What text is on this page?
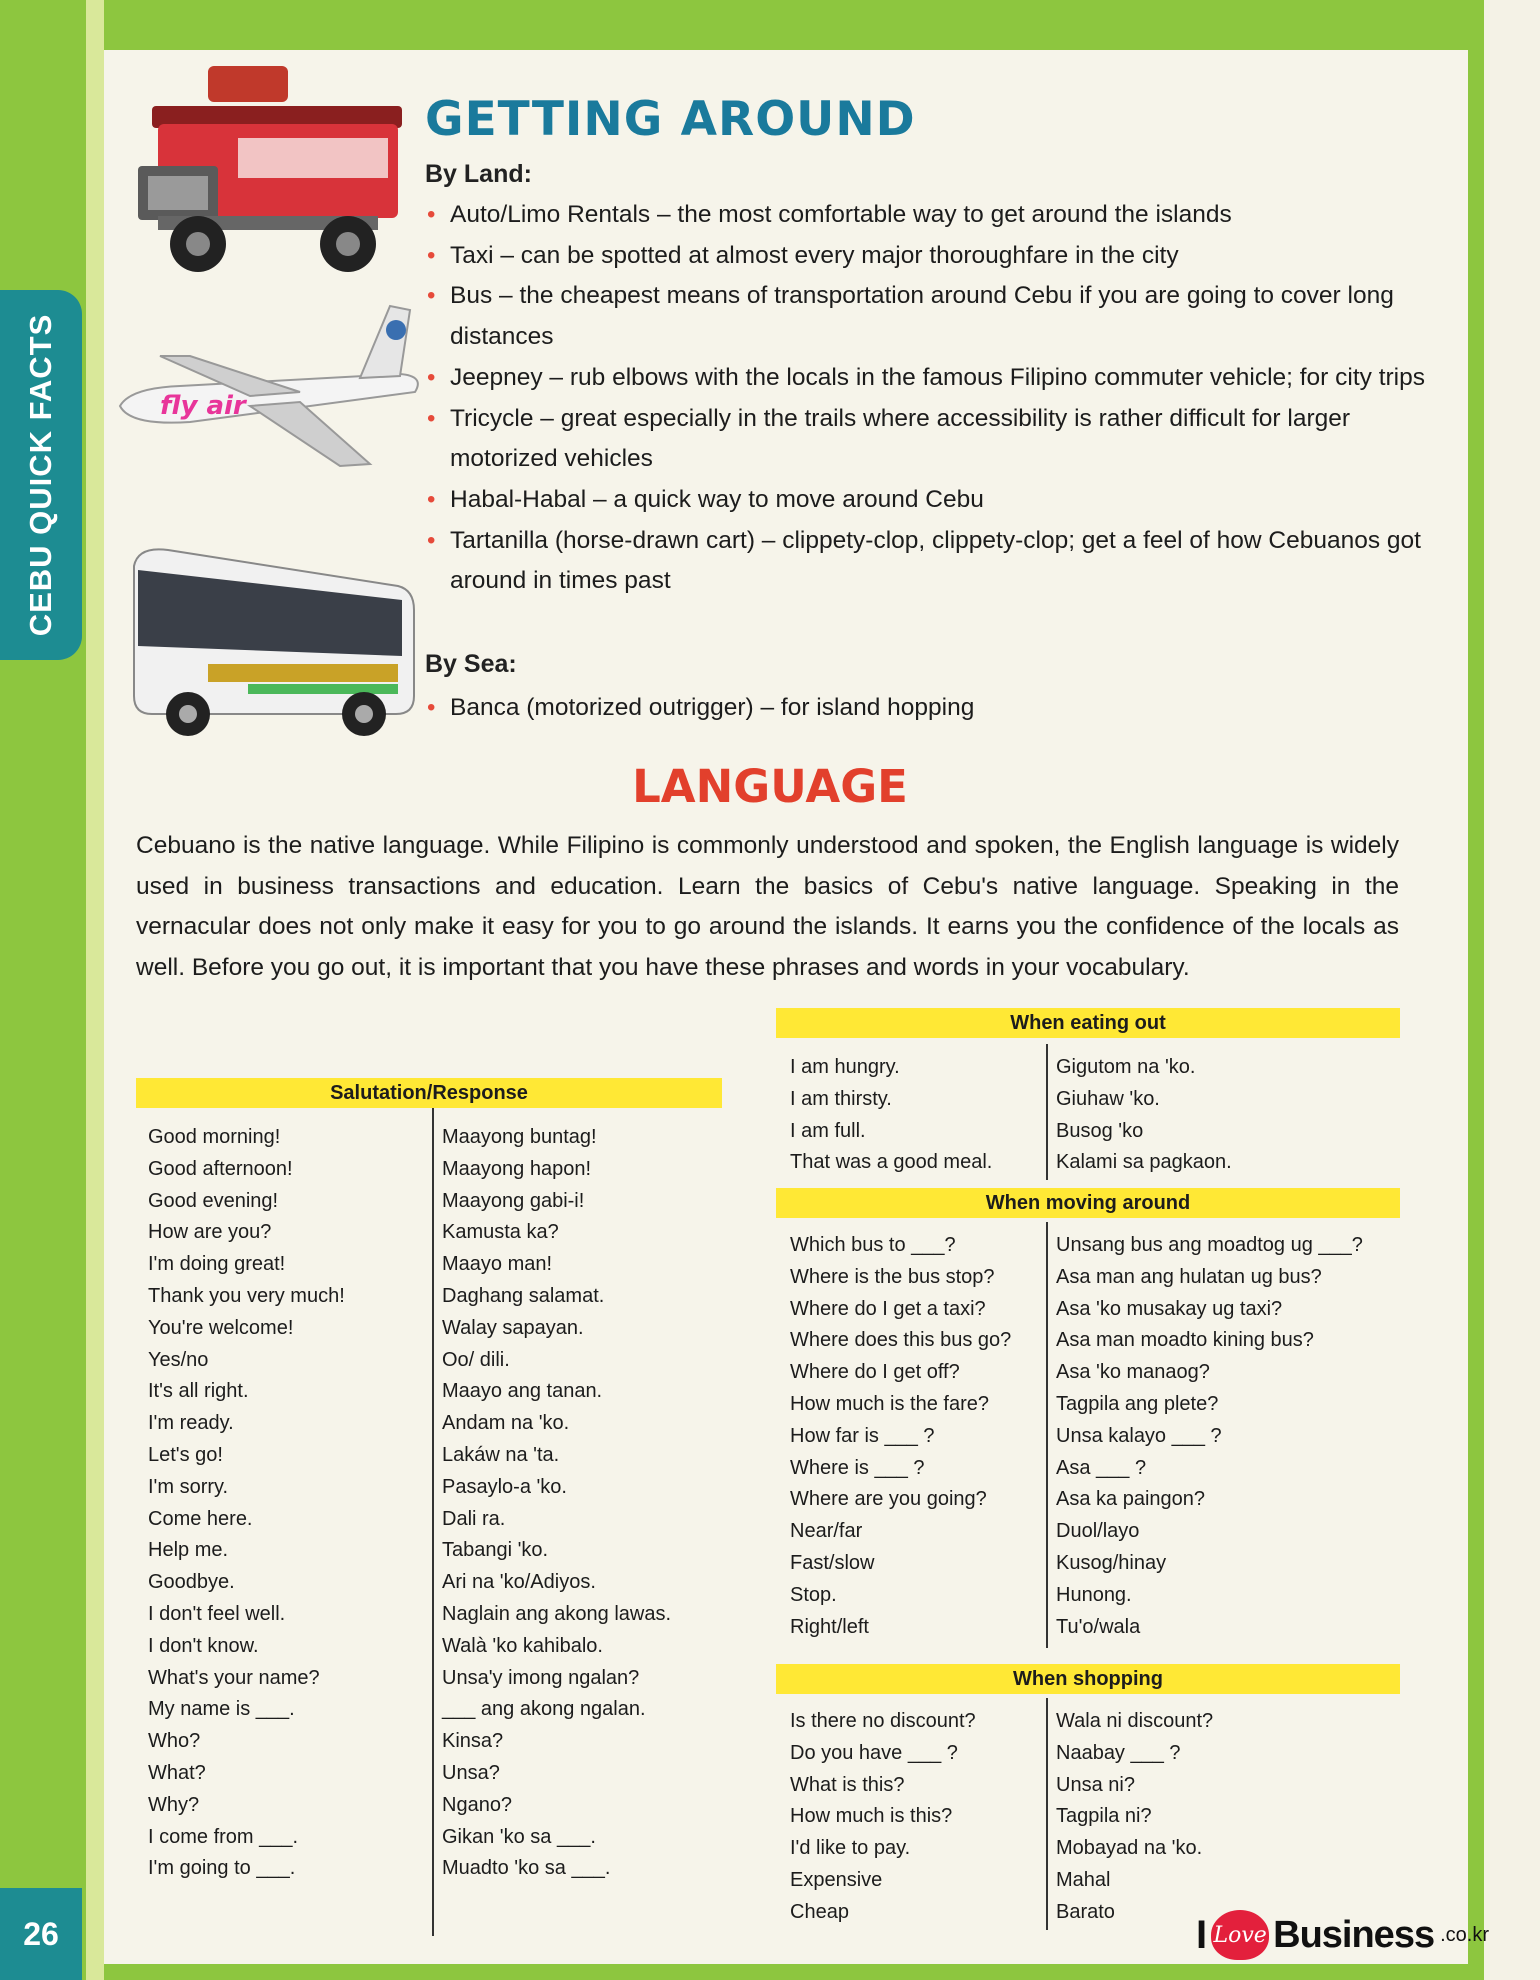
CEBU QUICK FACTS
26
fly air
GETTING AROUND
By Land:
• Auto/Limo Rentals – the most comfortable way to get around the islands
• Taxi – can be spotted at almost every major thoroughfare in the city
• Bus – the cheapest means of transportation around Cebu if you are going to cover long distances
• Jeepney – rub elbows with the locals in the famous Filipino commuter vehicle; for city trips
• Tricycle – great especially in the trails where accessibility is rather difficult for larger motorized vehicles
• Habal-Habal – a quick way to move around Cebu
• Tartanilla (horse-drawn cart) – clippety-clop, clippety-clop; get a feel of how Cebuanos got around in times past
By Sea:
• Banca (motorized outrigger) – for island hopping
LANGUAGE

Cebuano is the native language. While Filipino is commonly understood and spoken, the English language is widely used in business transactions and education. Learn the basics of Cebu's native language. Speaking in the vernacular does not only make it easy for you to go around the islands. It earns you the confidence of the locals as well. Before you go out, it is important that you have these phrases and words in your vocabulary.

Salutation/Response
Good morning!
Good afternoon!
Good evening!
How are you?
I'm doing great!
Thank you very much!
You're welcome!
Yes/no
It's all right.
I'm ready.
Let's go!
I'm sorry.
Come here.
Help me.
Goodbye.
I don't feel well.
I don't know.
What's your name?
My name is ___.
Who?
What?
Why?
I come from ___.
I'm going to ___.
Maayong buntag!
Maayong hapon!
Maayong gabi-i!
Kamusta ka?
Maayo man!
Daghang salamat.
Walay sapayan.
Oo/ dili.
Maayo ang tanan.
Andam na 'ko.
Lakáw na 'ta.
Pasaylo-a 'ko.
Dali ra.
Tabangi 'ko.
Ari na 'ko/Adiyos.
Naglain ang akong lawas.
Walà 'ko kahibalo.
Unsa'y imong ngalan?
___ ang akong ngalan.
Kinsa?
Unsa?
Ngano?
Gikan 'ko sa ___.
Muadto 'ko sa ___.
When eating out
I am hungry.
I am thirsty.
I am full.
That was a good meal.
Gigutom na 'ko.
Giuhaw 'ko.
Busog 'ko
Kalami sa pagkaon.
When moving around
Which bus to ___?
Where is the bus stop?
Where do I get a taxi?
Where does this bus go?
Where do I get off?
How much is the fare?
How far is ___ ?
Where is ___ ?
Where are you going?
Near/far
Fast/slow
Stop.
Right/left
Unsang bus ang moadtog ug ___?
Asa man ang hulatan ug bus?
Asa 'ko musakay ug taxi?
Asa man moadto kining bus?
Asa 'ko manaog?
Tagpila ang plete?
Unsa kalayo ___ ?
Asa ___ ?
Asa ka paingon?
Duol/layo
Kusog/hinay
Hunong.
Tu'o/wala
When shopping
Is there no discount?
Do you have ___ ?
What is this?
How much is this?
I'd like to pay.
Expensive
Cheap
Wala ni discount?
Naabay ___ ?
Unsa ni?
Tagpila ni?
Mobayad na 'ko.
Mahal
Barato
I Love Business .co.kr
